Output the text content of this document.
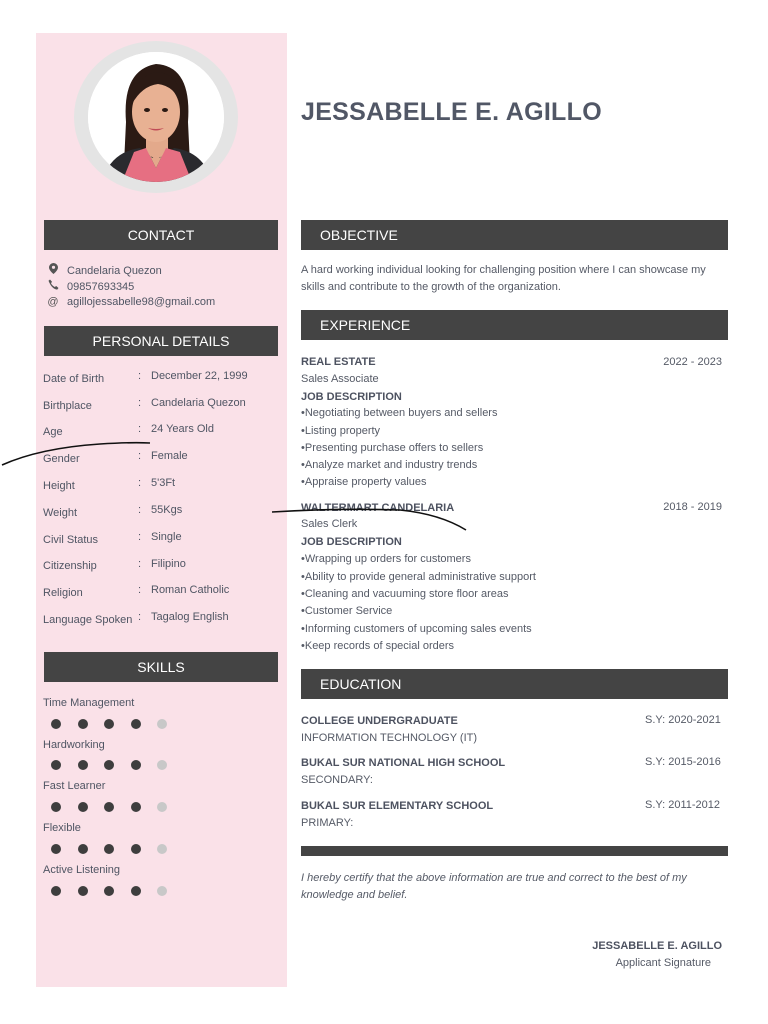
JESSABELLE E. AGILLO
CONTACT
Candelaria Quezon
09857693345
@ agillojessabelle98@gmail.com
PERSONAL DETAILS
Date of Birth	: December 22, 1999
Birthplace	: Candelaria Quezon
Age	: 24 Years Old
Gender	: Female
Height	: 5'3Ft
Weight	: 55Kgs
Civil Status	: Single
Citizenship	: Filipino
Religion	: Roman Catholic
Language Spoken : Tagalog English
SKILLS
Time Management
Hardworking
Fast Learner
Flexible
Active Listening
OBJECTIVE
A hard working individual looking for challenging position where I can showcase my skills and contribute to the growth of the organization.
EXPERIENCE
REAL ESTATE	2022 - 2023
Sales Associate
JOB DESCRIPTION
•Negotiating between buyers and sellers
•Listing property
•Presenting purchase offers to sellers
•Analyze market and industry trends
•Appraise property values
WALTERMART CANDELARIA	2018 - 2019
Sales Clerk
JOB DESCRIPTION
•Wrapping up orders for customers
•Ability to provide general administrative support
•Cleaning and vacuuming store floor areas
•Customer Service
•Informing customers of upcoming sales events
•Keep records of special orders
EDUCATION
COLLEGE UNDERGRADUATE	S.Y: 2020-2021
INFORMATION TECHNOLOGY (IT)
BUKAL SUR NATIONAL HIGH SCHOOL	S.Y: 2015-2016
SECONDARY:
BUKAL SUR ELEMENTARY SCHOOL	S.Y: 2011-2012
PRIMARY:
I hereby certify that the above information are true and correct to the best of my knowledge and belief.
JESSABELLE E. AGILLO
Applicant Signature
